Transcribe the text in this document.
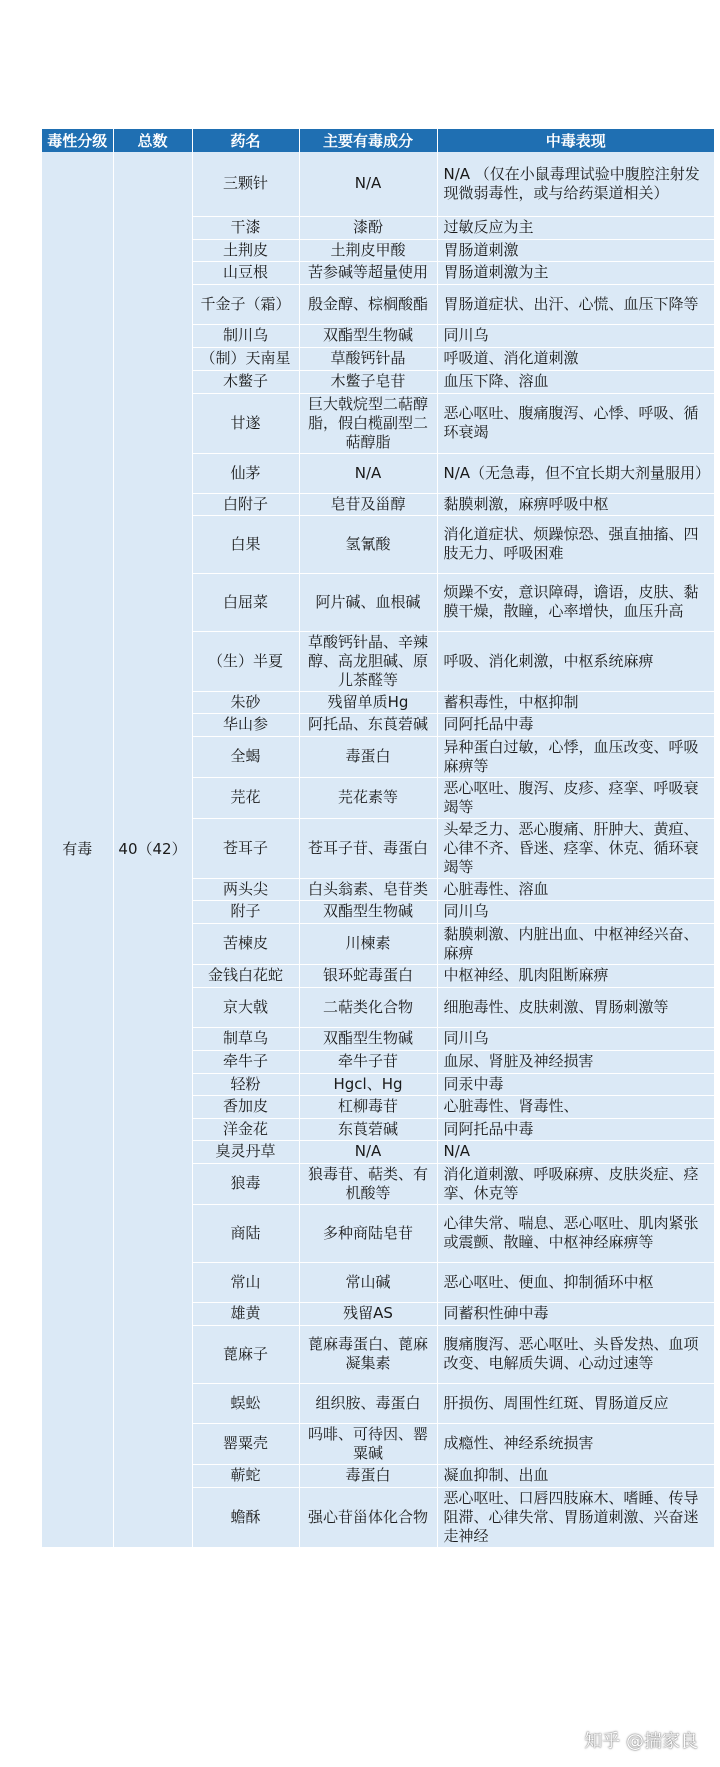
毒性分级	总数	药名	主要有毒成分	中毒表现
有毒	40（42）	三颗针	N/A	N/A （仅在小鼠毒理试验中腹腔注射发现微弱毒性，或与给药渠道相关）
		干漆	漆酚	过敏反应为主
		土荆皮	土荆皮甲酸	胃肠道刺激
		山豆根	苦参碱等超量使用	胃肠道刺激为主
		千金子（霜）	殷金醇、棕榈酸酯	胃肠道症状、出汗、心慌、血压下降等
		制川乌	双酯型生物碱	同川乌
		（制）天南星	草酸钙针晶	呼吸道、消化道刺激
		木鳖子	木鳖子皂苷	血压下降、溶血
		甘遂	巨大戟烷型二萜醇脂，假白榄副型二萜醇脂	恶心呕吐、腹痛腹泻、心悸、呼吸、循环衰竭
		仙茅	N/A	N/A（无急毒，但不宜长期大剂量服用）
		白附子	皂苷及甾醇	黏膜刺激，麻痹呼吸中枢
		白果	氢氰酸	消化道症状、烦躁惊恐、强直抽搐、四肢无力、呼吸困难
		白屈菜	阿片碱、血根碱	烦躁不安，意识障碍，谵语，皮肤、黏膜干燥，散瞳，心率增快，血压升高
		（生）半夏	草酸钙针晶、辛辣醇、高龙胆碱、原儿茶醛等	呼吸、消化刺激，中枢系统麻痹
		朱砂	残留单质Hg	蓄积毒性，中枢抑制
		华山参	阿托品、东莨菪碱	同阿托品中毒
		全蝎	毒蛋白	异种蛋白过敏，心悸，血压改变、呼吸麻痹等
		芫花	芫花素等	恶心呕吐、腹泻、皮疹、痉挛、呼吸衰竭等
		苍耳子	苍耳子苷、毒蛋白	头晕乏力、恶心腹痛、肝肿大、黄疸、心律不齐、昏迷、痉挛、休克、循环衰竭等
		两头尖	白头翁素、皂苷类	心脏毒性、溶血
		附子	双酯型生物碱	同川乌
		苦楝皮	川楝素	黏膜刺激、内脏出血、中枢神经兴奋、麻痹
		金钱白花蛇	银环蛇毒蛋白	中枢神经、肌肉阻断麻痹
		京大戟	二萜类化合物	细胞毒性、皮肤刺激、胃肠刺激等
		制草乌	双酯型生物碱	同川乌
		牵牛子	牵牛子苷	血尿、肾脏及神经损害
		轻粉	Hgcl、Hg	同汞中毒
		香加皮	杠柳毒苷	心脏毒性、肾毒性、
		洋金花	东莨菪碱	同阿托品中毒
		臭灵丹草	N/A	N/A
		狼毒	狼毒苷、萜类、有机酸等	消化道刺激、呼吸麻痹、皮肤炎症、痉挛、休克等
		商陆	多种商陆皂苷	心律失常、喘息、恶心呕吐、肌肉紧张或震颤、散瞳、中枢神经麻痹等
		常山	常山碱	恶心呕吐、便血、抑制循环中枢
		雄黄	残留AS	同蓄积性砷中毒
		蓖麻子	蓖麻毒蛋白、蓖麻凝集素	腹痛腹泻、恶心呕吐、头昏发热、血项改变、电解质失调、心动过速等
		蜈蚣	组织胺、毒蛋白	肝损伤、周围性红斑、胃肠道反应
		罂粟壳	吗啡、可待因、罂粟碱	成瘾性、神经系统损害
		蕲蛇	毒蛋白	凝血抑制、出血
		蟾酥	强心苷甾体化合物	恶心呕吐、口唇四肢麻木、嗜睡、传导阻滞、心律失常、胃肠道刺激、兴奋迷走神经
知乎 @揣家良
